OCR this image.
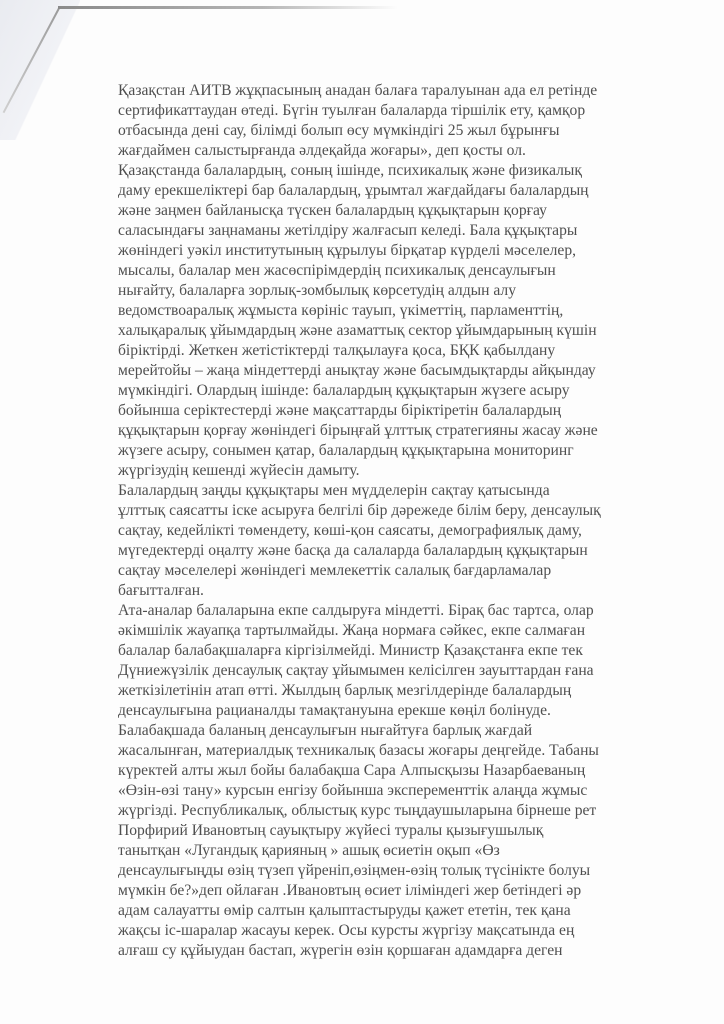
Қазақстан АИТВ жұқпасының анадан балаға таралуынан ада ел ретінде
сертификаттаудан өтеді. Бүгін туылған балаларда тіршілік ету, қамқор
отбасында дені сау, білімді болып өсу мүмкіндігі 25 жыл бұрынғы
жағдаймен салыстырғанда әлдеқайда жоғары», деп қосты ол.
Қазақстанда балалардың, соның ішінде, психикалық және физикалық
даму ерекшеліктері бар балалардың, ұрымтал жағдайдағы балалардың
және заңмен байланысқа түскен балалардың құқықтарын қорғау
саласындағы заңнаманы жетілдіру жалғасып келеді. Бала құқықтары
жөніндегі уәкіл институтының құрылуы бірқатар күрделі мәселелер,
мысалы, балалар мен жасөспірімдердің психикалық денсаулығын
нығайту, балаларға зорлық-зомбылық көрсетудің алдын алу
ведомствоаралық жұмыста көрініс тауып, үкіметтің, парламенттің,
халықаралық ұйымдардың және азаматтық сектор ұйымдарының күшін
біріктірді. Жеткен жетістіктерді талқылауға қоса, БҚК қабылдану
мерейтойы – жаңа міндеттерді анықтау және басымдықтарды айқындау
мүмкіндігі. Олардың ішінде: балалардың құқықтарын жүзеге асыру
бойынша серіктестерді және мақсаттарды біріктіретін балалардың
құқықтарын қорғау жөніндегі бірыңғай ұлттық стратегияны жасау және
жүзеге асыру, сонымен қатар, балалардың құқықтарына мониторинг
жүргізудің кешенді жүйесін дамыту.
Балалардың заңды құқықтары мен мүдделерін сақтау қатысында
ұлттық саясатты іске асыруға белгілі бір дәрежеде білім беру, денсаулық
сақтау, кедейлікті төмендету, көші-қон саясаты, демографиялық даму,
мүгедектерді оңалту және басқа да салаларда балалардың құқықтарын
сақтау мәселелері жөніндегі мемлекеттік салалық бағдарламалар
бағытталған.
Ата-аналар балаларына екпе салдыруға міндетті. Бірақ бас тартса, олар
әкімшілік жауапқа тартылмайды. Жаңа нормаға сәйкес, екпе салмаған
балалар балабақшаларға кіргізілмейді. Министр Қазақстанға екпе тек
Дүниежүзілік денсаулық сақтау ұйымымен келісілген зауыттардан ғана
жеткізілетінін атап өтті. Жылдың барлық мезгілдерінде балалардың
денсаулығына рацианалды тамақтануына ерекше көңіл болінуде.
Балабақшада баланың денсаулығын нығайтуға барлық жағдай
жасалынған, материалдық техникалық базасы жоғары деңгейде. Табаны
күректей алты жыл бойы балабақша Сара Алпысқызы Назарбаеваның
«Өзін-өзі тану» курсын енгізу бойынша эксперементтік алаңда жұмыс
жүргізді. Республикалық, облыстық курс тыңдаушыларына бірнеше рет
Порфирий Ивановтың сауықтыру жүйесі туралы қызығушылық
танытқан «Лугандық қарияның » ашық өсиетін оқып «Өз
денсаулығыңды өзің түзеп үйреніп,өзіңмен-өзің толық түсінікте болуы
мүмкін бе?»деп ойлаған .Ивановтың өсиет іліміндегі жер бетіндегі әр
адам салауатты өмір салтын қалыптастыруды қажет ететін, тек қана
жақсы іс-шаралар жасауы керек. Осы курсты жүргізу мақсатында ең
алғаш су құйыудан бастап, жүрегін өзін қоршаған адамдарға деген
